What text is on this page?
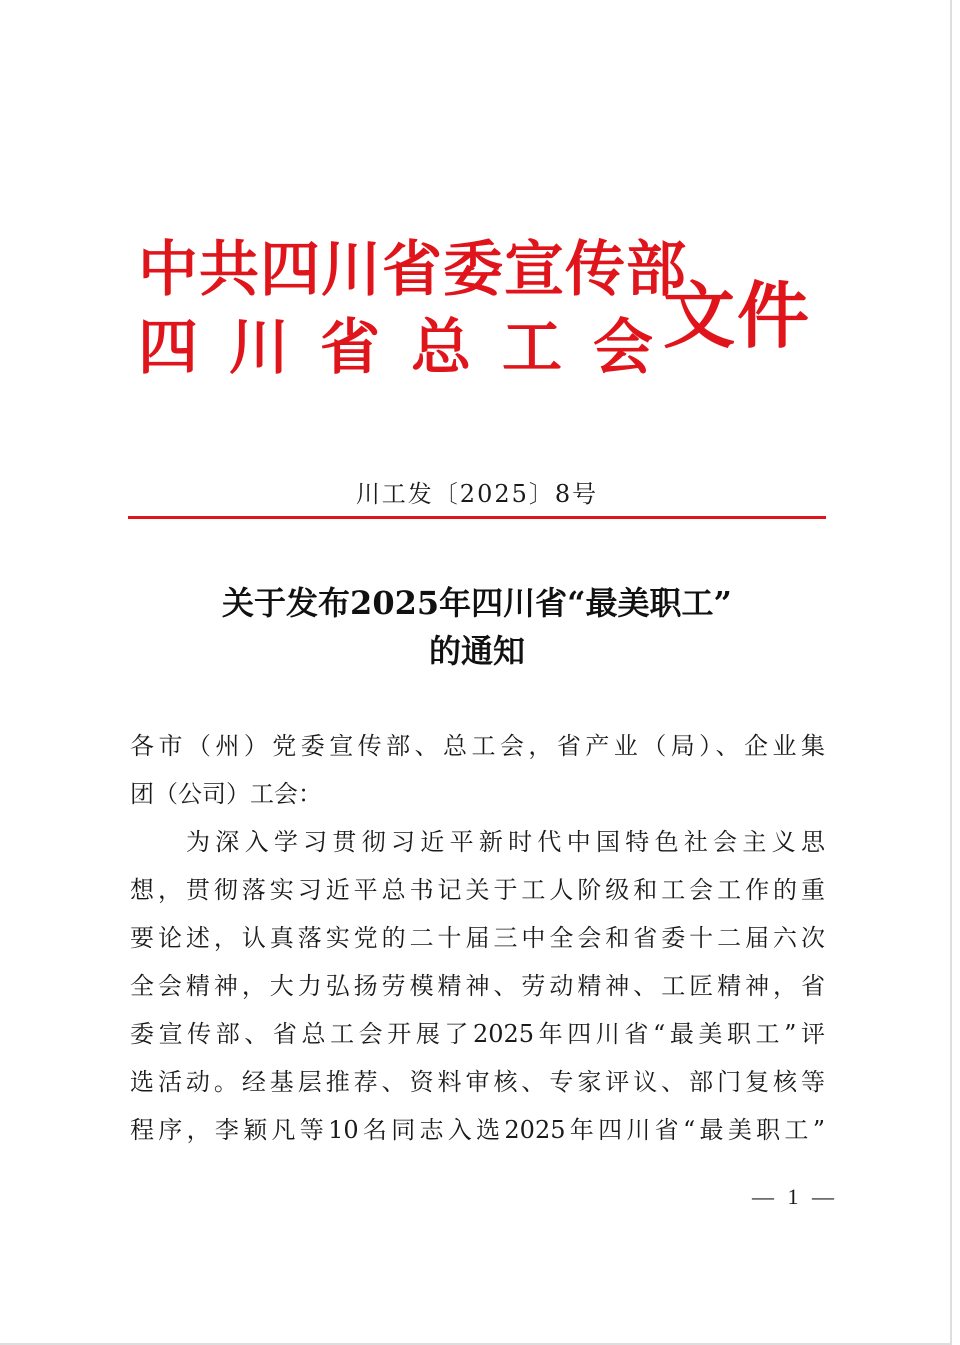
中共四川省委宣传部
四川省总工会
文件
川工发〔2025〕8号
关于发布2025年四川省“最美职工”
的通知
各市（州）党委宣传部、总工会，省产业（局）、企业集
团（公司）工会：
为深入学习贯彻习近平新时代中国特色社会主义思
想，贯彻落实习近平总书记关于工人阶级和工会工作的重
要论述，认真落实党的二十届三中全会和省委十二届六次
全会精神，大力弘扬劳模精神、劳动精神、工匠精神，省
委宣传部、省总工会开展了2025年四川省“最美职工”评
选活动。经基层推荐、资料审核、专家评议、部门复核等
程序，李颖凡等10名同志入选2025年四川省“最美职工”
— 1 —
